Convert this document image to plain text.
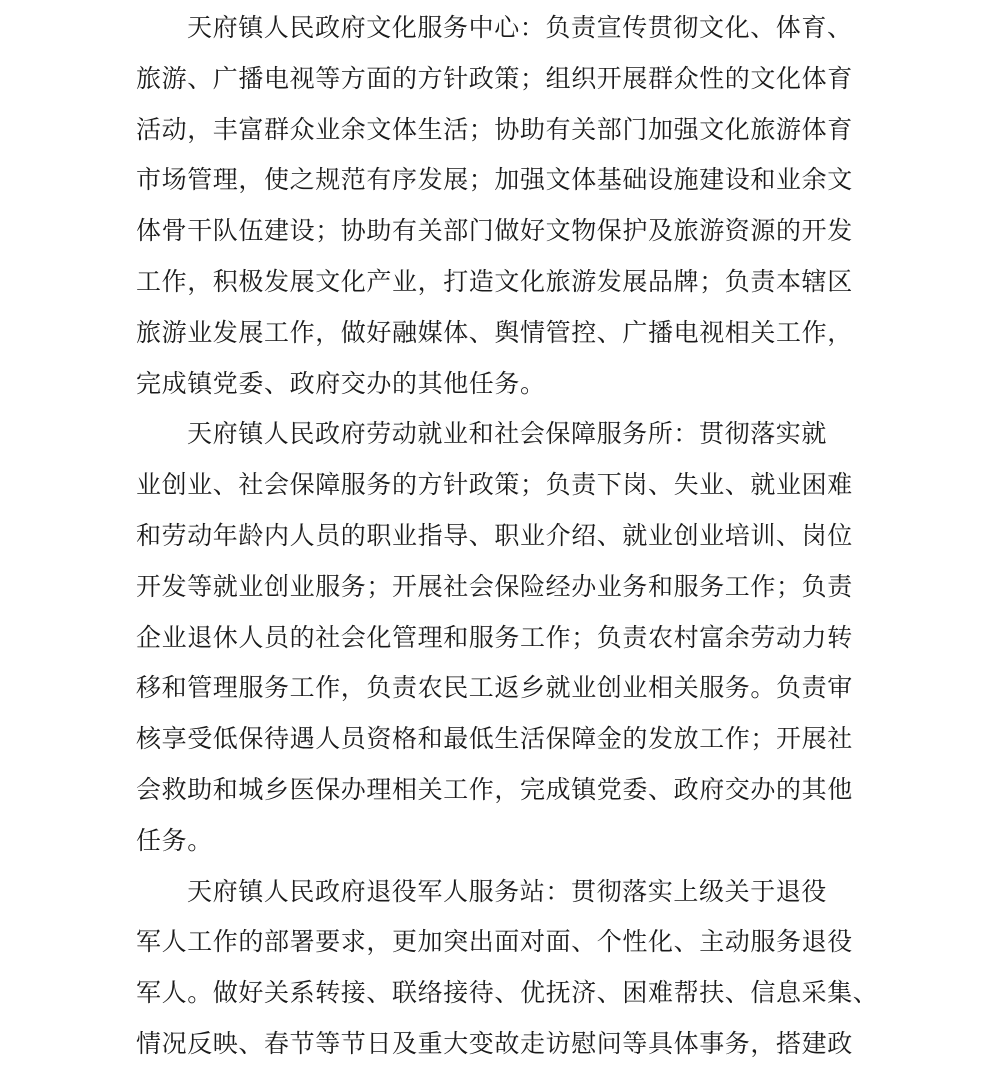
天府镇人民政府文化服务中心：负责宣传贯彻文化、体育、
旅游、广播电视等方面的方针政策；组织开展群众性的文化体育
活动，丰富群众业余文体生活；协助有关部门加强文化旅游体育
市场管理，使之规范有序发展；加强文体基础设施建设和业余文
体骨干队伍建设；协助有关部门做好文物保护及旅游资源的开发
工作，积极发展文化产业，打造文化旅游发展品牌；负责本辖区
旅游业发展工作，做好融媒体、舆情管控、广播电视相关工作，
完成镇党委、政府交办的其他任务。
天府镇人民政府劳动就业和社会保障服务所：贯彻落实就
业创业、社会保障服务的方针政策；负责下岗、失业、就业困难
和劳动年龄内人员的职业指导、职业介绍、就业创业培训、岗位
开发等就业创业服务；开展社会保险经办业务和服务工作；负责
企业退休人员的社会化管理和服务工作；负责农村富余劳动力转
移和管理服务工作，负责农民工返乡就业创业相关服务。负责审
核享受低保待遇人员资格和最低生活保障金的发放工作；开展社
会救助和城乡医保办理相关工作，完成镇党委、政府交办的其他
任务。
天府镇人民政府退役军人服务站：贯彻落实上级关于退役
军人工作的部署要求，更加突出面对面、个性化、主动服务退役
军人。做好关系转接、联络接待、优抚济、困难帮扶、信息采集、
情况反映、春节等节日及重大变故走访慰问等具体事务，搭建政
